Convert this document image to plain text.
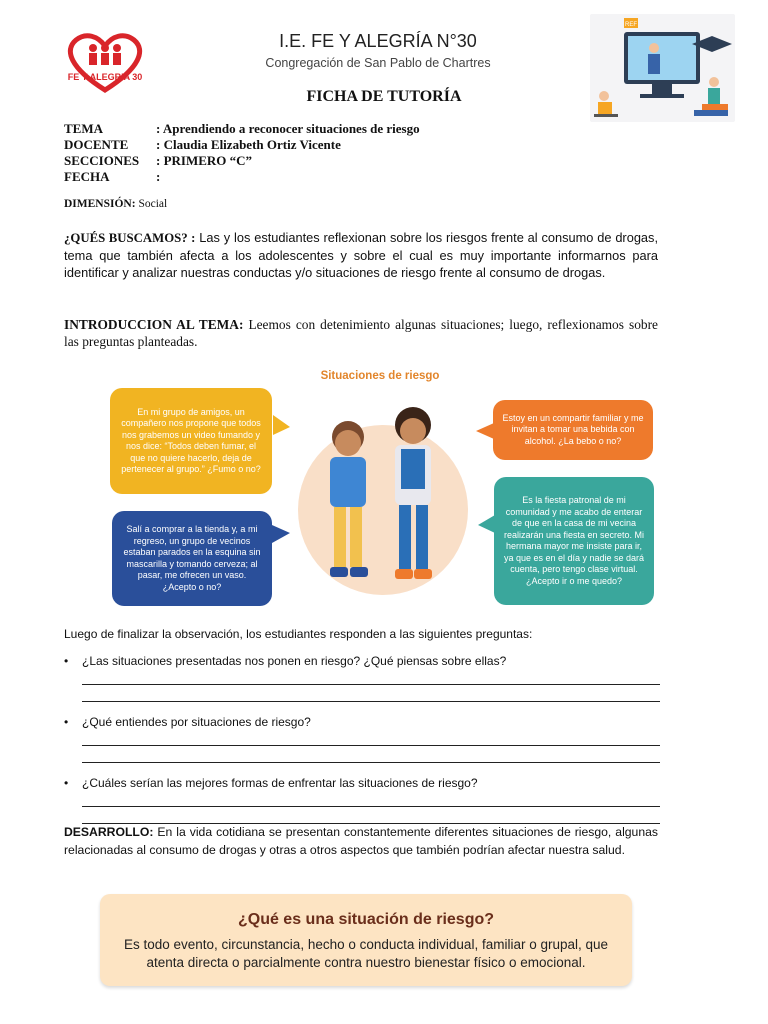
FE Y ALEGRIA 30
I.E. FE Y ALEGRÍA N°30
Congregación de San Pablo de Chartres
REF
FICHA DE TUTORÍA
TEMA	: Aprendiendo a reconocer situaciones de riesgo
DOCENTE	: Claudia Elizabeth Ortiz Vicente
SECCIONES	: PRIMERO “C”
FECHA	:
DIMENSIÓN: Social
¿QUÉS BUSCAMOS? : Las y los estudiantes reflexionan sobre los riesgos frente al consumo de drogas, tema que también afecta a los adolescentes y sobre el cual es muy importante informarnos para identificar y analizar nuestras conductas y/o situaciones de riesgo frente al consumo de drogas.
INTRODUCCION AL TEMA: Leemos con detenimiento algunas situaciones; luego, reflexionamos sobre las preguntas planteadas.
Situaciones de riesgo
En mi grupo de amigos, un compañero nos propone que todos nos grabemos un video fumando y nos dice: “Todos deben fumar, el que no quiere hacerlo, deja de pertenecer al grupo.” ¿Fumo o no?
Salí a comprar a la tienda y, a mi regreso, un grupo de vecinos estaban parados en la esquina sin mascarilla y tomando cerveza; al pasar, me ofrecen un vaso. ¿Acepto o no?
Estoy en un compartir familiar y me invitan a tomar una bebida con alcohol. ¿La bebo o no?
Es la fiesta patronal de mi comunidad y me acabo de enterar de que en la casa de mi vecina realizarán una fiesta en secreto. Mi hermana mayor me insiste para ir, ya que es en el día y nadie se dará cuenta, pero tengo clase virtual. ¿Acepto ir o me quedo?
Luego de finalizar la observación, los estudiantes responden a las siguientes preguntas:
• ¿Las situaciones presentadas nos ponen en riesgo? ¿Qué piensas sobre ellas?
• ¿Qué entiendes por situaciones de riesgo?
• ¿Cuáles serían las mejores formas de enfrentar las situaciones de riesgo?
DESARROLLO: En la vida cotidiana se presentan constantemente diferentes situaciones de riesgo, algunas relacionadas al consumo de drogas y otras a otros aspectos que también podrían afectar nuestra salud.
¿Qué es una situación de riesgo?
Es todo evento, circunstancia, hecho o conducta individual, familiar o grupal, que atenta directa o parcialmente contra nuestro bienestar físico o emocional.
